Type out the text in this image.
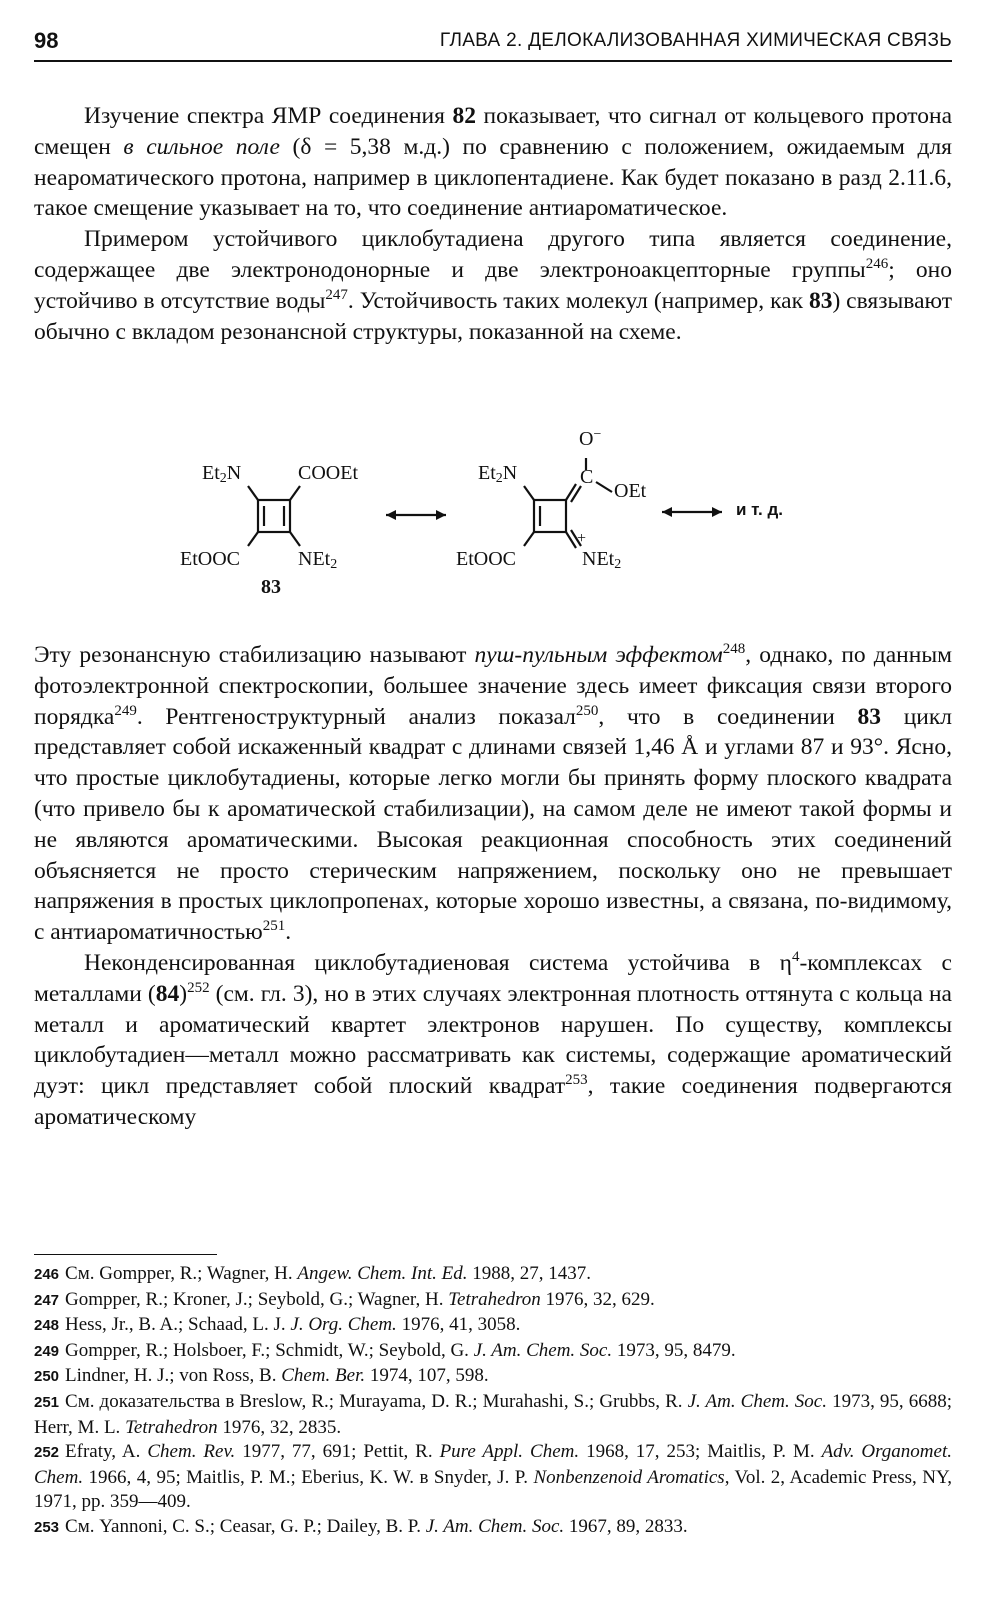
98	ГЛАВА 2. ДЕЛОКАЛИЗОВАННАЯ ХИМИЧЕСКАЯ СВЯЗЬ

Изучение спектра ЯМР соединения 82 показывает, что сигнал от кольцевого протона смещен в сильное поле (δ = 5,38 м.д.) по сравнению с положением, ожидаемым для неароматического протона, например в циклопентадиене. Как будет показано в разд 2.11.6, такое смещение указывает на то, что соединение антиароматическое.

Примером устойчивого циклобутадиена другого типа является соединение, содержащее две электронодонорные и две электроноакцепторные группы$^{246}$; оно устойчиво в отсутствие воды$^{247}$. Устойчивость таких молекул (например, как 83) связывают обычно с вкладом резонансной структуры, показанной на схеме.

$Et_2N$	COOEt
EtOOC	NEt$_2$
83
O−
C
OEt
$Et_2N$
EtOOC
+
NEt$_2$
и т. д.

Эту резонансную стабилизацию называют пуш-пульным эффектом$^{248}$, однако, по данным фотоэлектронной спектроскопии, большее значение здесь имеет фиксация связи второго порядка$^{249}$. Рентгеноструктурный анализ показал$^{250}$, что в соединении 83 цикл представляет собой искаженный квадрат с длинами связей 1,46 Å и углами 87 и 93°. Ясно, что простые циклобутадиены, которые легко могли бы принять форму плоского квадрата (что привело бы к ароматической стабилизации), на самом деле не имеют такой формы и не являются ароматическими. Высокая реакционная способность этих соединений объясняется не просто стерическим напряжением, поскольку оно не превышает напряжения в простых циклопропенах, которые хорошо известны, а связана, по-видимому, с антиароматичностью$^{251}$.

Неконденсированная циклобутадиеновая система устойчива в $\eta^4$-комплексах с металлами $(84)^{252}$ (см. гл. 3), но в этих случаях электронная плотность оттянута с кольца на металл и ароматический квартет электронов нарушен. По существу, комплексы циклобутадиен—металл можно рассматривать как системы, содержащие ароматический дуэт: цикл представляет собой плоский квадрат$^{253}$, такие соединения подвергаются ароматическому

246 См. Gompper, R.; Wagner, H. Angew. Chem. Int. Ed. 1988, 27, 1437.

247 Gompper, R.; Kroner, J.; Seybold, G.; Wagner, H. Tetrahedron 1976, 32, 629.

248 Hess, Jr., B. A.; Schaad, L. J. J. Org. Chem. 1976, 41, 3058.

249 Gompper, R.; Holsboer, F.; Schmidt, W.; Seybold, G. J. Am. Chem. Soc. 1973, 95, 8479.

250 Lindner, H. J.; von Ross, B. Chem. Ber. 1974, 107, 598.

251 См. доказательства в Breslow, R.; Murayama, D. R.; Murahashi, S.; Grubbs, R. J. Am. Chem. Soc. 1973, 95, 6688; Herr, M. L. Tetrahedron 1976, 32, 2835.

252 Efraty, A. Chem. Rev. 1977, 77, 691; Pettit, R. Pure Appl. Chem. 1968, 17, 253; Maitlis, P. M. Adv. Organomet. Chem. 1966, 4, 95; Maitlis, P. M.; Eberius, K. W. в Snyder, J. P. Nonbenzenoid Aromatics, Vol. 2, Academic Press, NY, 1971, pp. 359—409.

253 См. Yannoni, C. S.; Ceasar, G. P.; Dailey, B. P. J. Am. Chem. Soc. 1967, 89, 2833.
